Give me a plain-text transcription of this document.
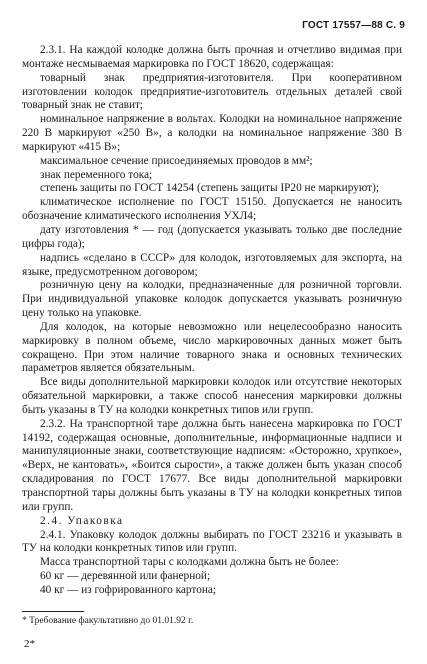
ГОСТ 17557—88 С. 9

2.3.1. На каждой колодке должна быть прочная и отчетливо видимая при монтаже несмываемая маркировка по ГОСТ 18620, содержащая:

товарный знак предприятия-изготовителя. При кооперативном изготовлении колодок предприятие-изготовитель отдельных деталей свой товарный знак не ставит;

номинальное напряжение в вольтах. Колодки на номинальное напряжение 220 В маркируют «250 В», а колодки на номинальное напряжение 380 В маркируют «415 В»;

максимальное сечение присоединяемых проводов в мм²;

знак переменного тока;

степень защиты по ГОСТ 14254 (степень защиты IP20 не маркируют);

климатическое исполнение по ГОСТ 15150. Допускается не наносить обозначение климатического исполнения УХЛ4;

дату изготовления * — год (допускается указывать только две последние цифры года);

надпись «сделано в СССР» для колодок, изготовляемых для экспорта, на языке, предусмотренном договором;

розничную цену на колодки, предназначенные для розничной торговли. При индивидуальной упаковке колодок допускается указывать розничную цену только на упаковке.

Для колодок, на которые невозможно или нецелесообразно наносить маркировку в полном объеме, число маркировочных данных может быть сокращено. При этом наличие товарного знака и основных технических параметров является обязательным.

Все виды дополнительной маркировки колодок или отсутствие некоторых обязательной маркировки, а также способ нанесения маркировки должны быть указаны в ТУ на колодки конкретных типов или групп.

2.3.2. На транспортной таре должна быть нанесена маркировка по ГОСТ 14192, содержащая основные, дополнительные, информационные надписи и манипуляционные знаки, соответствующие надписям: «Осторожно, хрупкое», «Верх, не кантовать», «Боится сырости», а также должен быть указан способ складирования по ГОСТ 17677. Все виды дополнительной маркировки транспортной тары должны быть указаны в ТУ на колодки конкретных типов или групп.

2.4. Упаковка

2.4.1. Упаковку колодок должны выбирать по ГОСТ 23216 и указывать в ТУ на колодки конкретных типов или групп.

Масса транспортной тары с колодками должна быть не более:

60 кг — деревянной или фанерной;

40 кг — из гофрированного картона;

* Требование факультативно до 01.01.92 г.
2*
